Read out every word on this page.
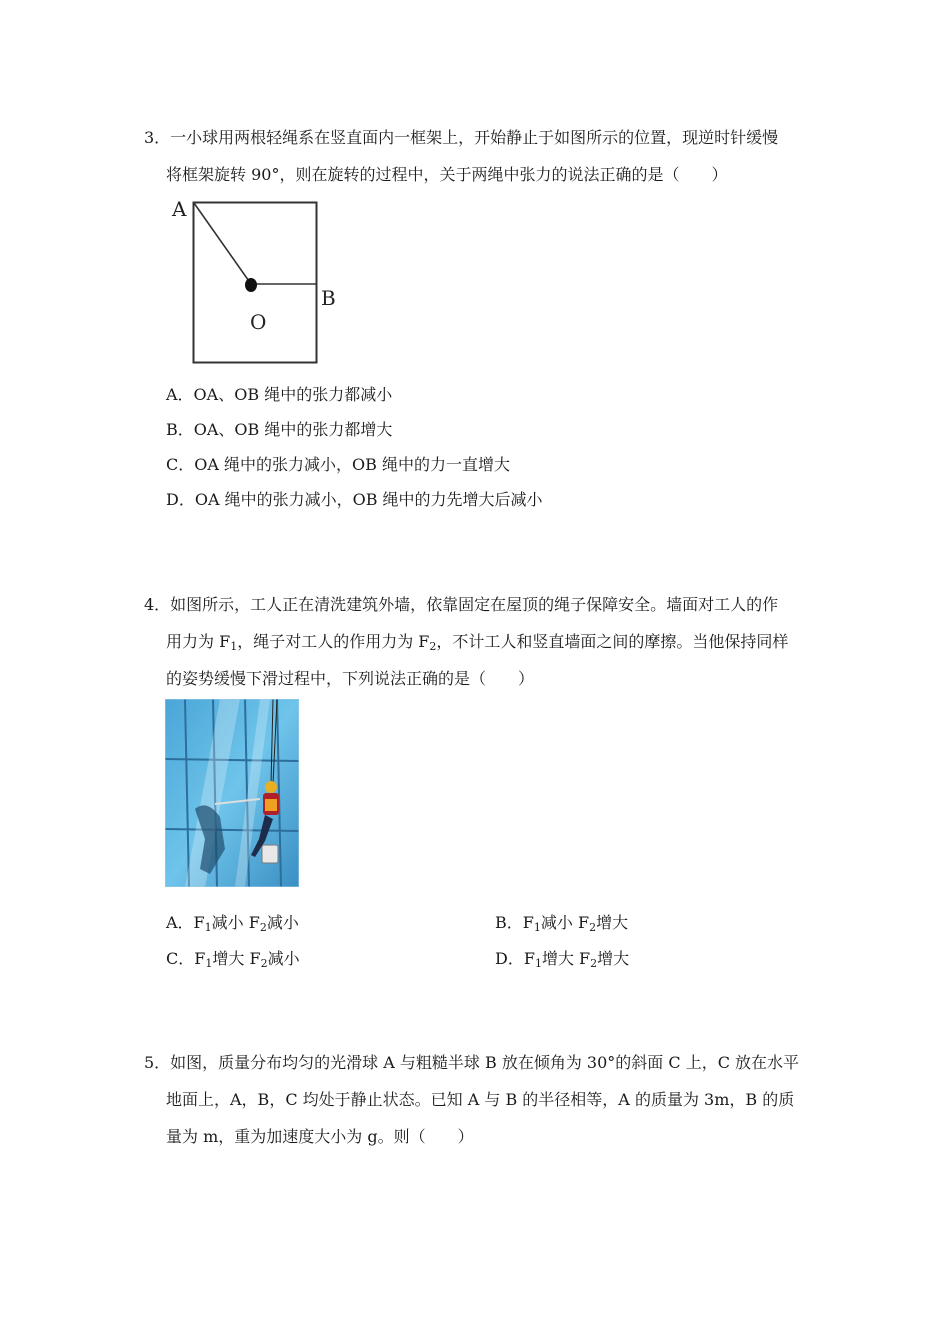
3．一小球用两根轻绳系在竖直面内一框架上，开始静止于如图所示的位置，现逆时针缓慢
将框架旋转 90°，则在旋转的过程中，关于两绳中张力的说法正确的是（　　）
A
B
O
A．OA、OB 绳中的张力都减小
B．OA、OB 绳中的张力都增大
C．OA 绳中的张力减小，OB 绳中的力一直增大
D．OA 绳中的张力减小，OB 绳中的力先增大后减小
4．如图所示，工人正在清洗建筑外墙，依靠固定在屋顶的绳子保障安全。墙面对工人的作
用力为 $F_1$，绳子对工人的作用力为 $F_2$，不计工人和竖直墙面之间的摩擦。当他保持同样
的姿势缓慢下滑过程中，下列说法正确的是（　　）
A．$F_1$减小 $F_2$减小	B．$F_1$减小 $F_2$增大
C．$F_1$增大 $F_2$减小	D．$F_1$增大 $F_2$增大
5．如图，质量分布均匀的光滑球 A 与粗糙半球 B 放在倾角为 30°的斜面 C 上，C 放在水平
地面上，A，B，C 均处于静止状态。已知 A 与 B 的半径相等，A 的质量为 3m，B 的质
量为 m，重为加速度大小为 g。则（　　）
